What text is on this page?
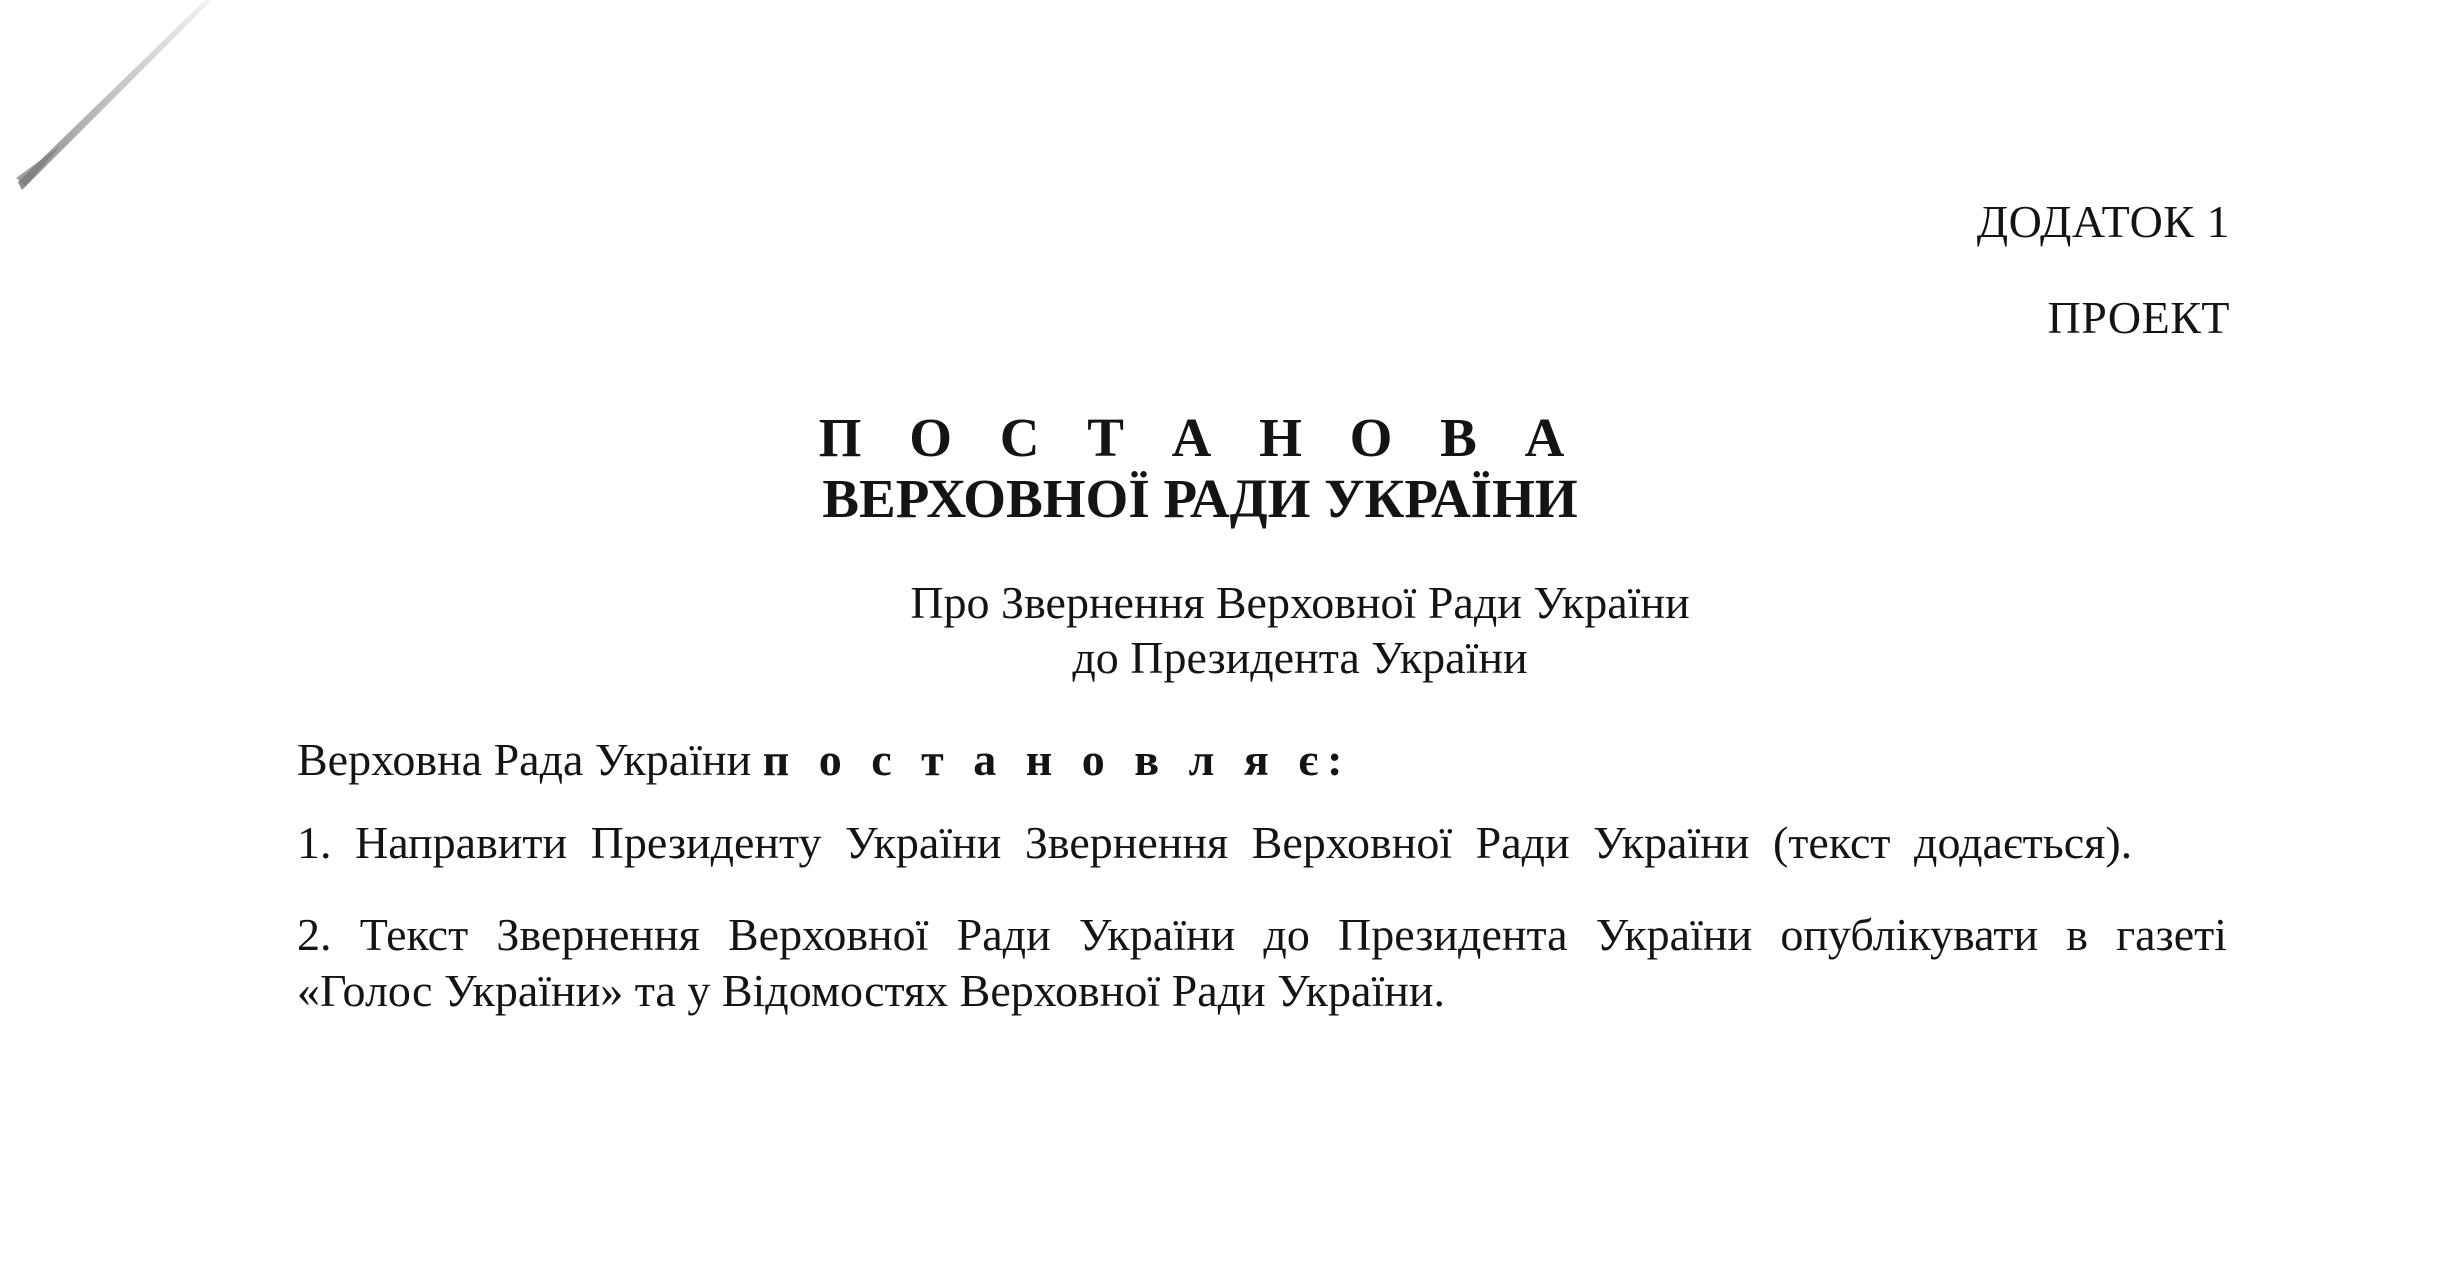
ДОДАТОК 1
ПРОЕКТ
П О С Т А Н О В А
ВЕРХОВНОЇ РАДИ УКРАЇНИ
Про Звернення Верховної Ради України
до Президента України

Верховна Рада України п о с т а н о в л я є:

1. Направити Президенту України Звернення Верховної Ради України (текст додається).

2. Текст Звернення Верховної Ради України до Президента України опублікувати в газеті
«Голос України» та у Відомостях Верховної Ради України.
